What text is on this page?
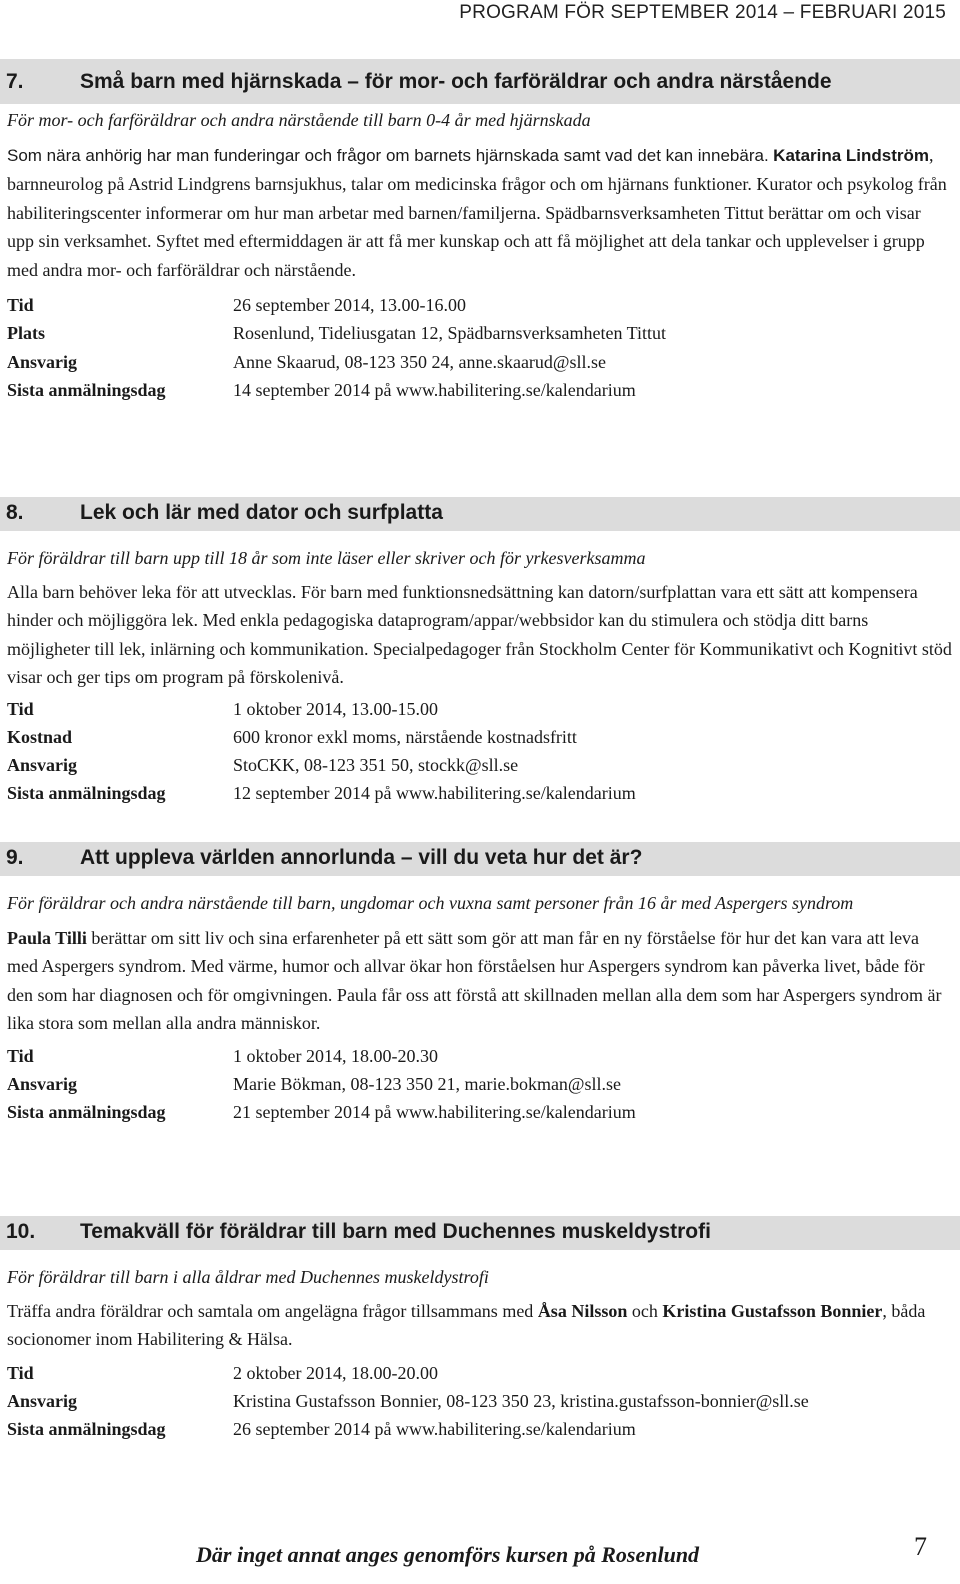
PROGRAM FÖR SEPTEMBER 2014 – FEBRUARI 2015
7.	Små barn med hjärnskada – för mor- och farföräldrar och andra närstående

För mor- och farföräldrar och andra närstående till barn 0-4 år med hjärnskada

Som nära anhörig har man funderingar och frågor om barnets hjärnskada samt vad det kan innebära. Katarina Lindström, barnneurolog på Astrid Lindgrens barnsjukhus, talar om medicinska frågor och om hjärnans funktioner. Kurator och psykolog från habiliteringscenter informerar om hur man arbetar med barnen/familjerna. Spädbarnsverksamheten Tittut berättar om och visar upp sin verksamhet. Syftet med eftermiddagen är att få mer kunskap och att få möjlighet att dela tankar och upplevelser i grupp med andra mor- och farföräldrar och närstående.

Tid	26 september 2014, 13.00-16.00
Plats	Rosenlund, Tideliusgatan 12, Spädbarnsverksamheten Tittut
Ansvarig	Anne Skaarud, 08-123 350 24, anne.skaarud@sll.se
Sista anmälningsdag	14 september 2014 på www.habilitering.se/kalendarium
8.	Lek och lär med dator och surfplatta

För föräldrar till barn upp till 18 år som inte läser eller skriver och för yrkesverksamma

Alla barn behöver leka för att utvecklas. För barn med funktionsnedsättning kan datorn/surfplattan vara ett sätt att kompensera hinder och möjliggöra lek. Med enkla pedagogiska dataprogram/appar/webbsidor kan du stimulera och stödja ditt barns möjligheter till lek, inlärning och kommunikation. Specialpedagoger från Stockholm Center för Kommunikativt och Kognitivt stöd visar och ger tips om program på förskolenivå.

Tid	1 oktober 2014, 13.00-15.00
Kostnad	600 kronor exkl moms, närstående kostnadsfritt
Ansvarig	StoCKK, 08-123 351 50, stockk@sll.se
Sista anmälningsdag	12 september 2014 på www.habilitering.se/kalendarium
9.	Att uppleva världen annorlunda – vill du veta hur det är?

För föräldrar och andra närstående till barn, ungdomar och vuxna samt personer från 16 år med Aspergers syndrom

Paula Tilli berättar om sitt liv och sina erfarenheter på ett sätt som gör att man får en ny förståelse för hur det kan vara att leva med Aspergers syndrom. Med värme, humor och allvar ökar hon förståelsen hur Aspergers syndrom kan påverka livet, både för den som har diagnosen och för omgivningen. Paula får oss att förstå att skillnaden mellan alla dem som har Aspergers syndrom är lika stora som mellan alla andra människor.

Tid	1 oktober 2014, 18.00-20.30
Ansvarig	Marie Bökman, 08-123 350 21, marie.bokman@sll.se
Sista anmälningsdag	21 september 2014 på www.habilitering.se/kalendarium
10. Temakväll för föräldrar till barn med Duchennes muskeldystrofi

För föräldrar till barn i alla åldrar med Duchennes muskeldystrofi

Träffa andra föräldrar och samtala om angelägna frågor tillsammans med Åsa Nilsson och Kristina Gustafsson Bonnier, båda socionomer inom Habilitering & Hälsa.

Tid	2 oktober 2014, 18.00-20.00
Ansvarig	Kristina Gustafsson Bonnier, 08-123 350 23, kristina.gustafsson-bonnier@sll.se
Sista anmälningsdag	26 september 2014 på www.habilitering.se/kalendarium
Där inget annat anges genomförs kursen på Rosenlund	7
